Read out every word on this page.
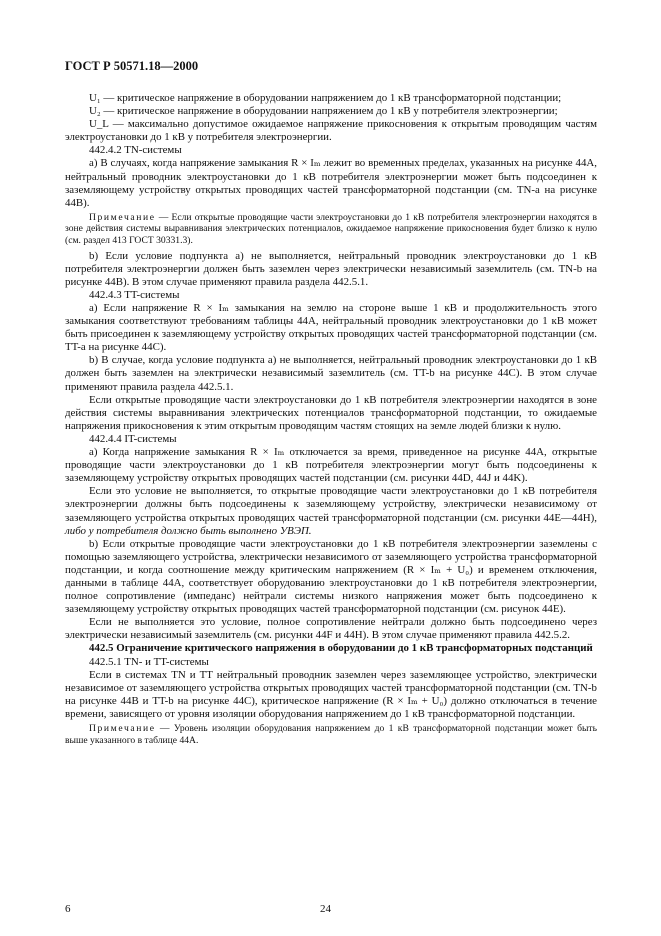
ГОСТ Р 50571.18—2000

U₁ — критическое напряжение в оборудовании напряжением до 1 кВ трансформаторной подстанции;

U₂ — критическое напряжение в оборудовании напряжением до 1 кВ у потребителя электроэнергии;

U_L — максимально допустимое ожидаемое напряжение прикосновения к открытым проводящим частям электроустановки до 1 кВ у потребителя электроэнергии.

442.4.2 TN-системы

а) В случаях, когда напряжение замыкания R × Iₘ лежит во временных пределах, указанных на рисунке 44А, нейтральный проводник электроустановки до 1 кВ потребителя электроэнергии может быть подсоединен к заземляющему устройству открытых проводящих частей трансформаторной подстанции (см. TN-а на рисунке 44В).

Примечание — Если открытые проводящие части электроустановки до 1 кВ потребителя электроэнергии находятся в зоне действия системы выравнивания электрических потенциалов, ожидаемое напряжение прикосновения будет близко к нулю (см. раздел 413 ГОСТ 30331.3).

b) Если условие подпункта а) не выполняется, нейтральный проводник электроустановки до 1 кВ потребителя электроэнергии должен быть заземлен через электрически независимый заземлитель (см. TN-b на рисунке 44В). В этом случае применяют правила раздела 442.5.1.

442.4.3 TT-системы

а) Если напряжение R × Iₘ замыкания на землю на стороне выше 1 кВ и продолжительность этого замыкания соответствуют требованиям таблицы 44А, нейтральный проводник электроустановки до 1 кВ может быть присоединен к заземляющему устройству открытых проводящих частей трансформаторной подстанции (см. TT-а на рисунке 44С).

b) В случае, когда условие подпункта а) не выполняется, нейтральный проводник электроустановки до 1 кВ должен быть заземлен на электрически независимый заземлитель (см. TT-b на рисунке 44С). В этом случае применяют правила раздела 442.5.1.

Если открытые проводящие части электроустановки до 1 кВ потребителя электроэнергии находятся в зоне действия системы выравнивания электрических потенциалов трансформаторной подстанции, то ожидаемые напряжения прикосновения к этим открытым проводящим частям стоящих на земле людей близки к нулю.

442.4.4 IT-системы

а) Когда напряжение замыкания R × Iₘ отключается за время, приведенное на рисунке 44А, открытые проводящие части электроустановки до 1 кВ потребителя электроэнергии могут быть подсоединены к заземляющему устройству открытых проводящих частей подстанции (см. рисунки 44D, 44J и 44K).

Если это условие не выполняется, то открытые проводящие части электроустановки до 1 кВ потребителя электроэнергии должны быть подсоединены к заземляющему устройству, электрически независимому от заземляющего устройства открытых проводящих частей трансформаторной подстанции (см. рисунки 44Е—44Н), либо у потребителя должно быть выполнено УВЭП.

b) Если открытые проводящие части электроустановки до 1 кВ потребителя электроэнергии заземлены с помощью заземляющего устройства, электрически независимого от заземляющего устройства трансформаторной подстанции, и когда соотношение между критическим напряжением (R × Iₘ + U₀) и временем отключения, данными в таблице 44А, соответствует оборудованию электроустановки до 1 кВ потребителя электроэнергии, полное сопротивление (импеданс) нейтрали системы низкого напряжения может быть подсоединено к заземляющему устройству открытых проводящих частей трансформаторной подстанции (см. рисунок 44Е).

Если не выполняется это условие, полное сопротивление нейтрали должно быть подсоединено через электрически независимый заземлитель (см. рисунки 44F и 44Н). В этом случае применяют правила 442.5.2.

442.5 Ограничение критического напряжения в оборудовании до 1 кВ трансформаторных подстанций

442.5.1 TN- и TT-системы

Если в системах TN и TT нейтральный проводник заземлен через заземляющее устройство, электрически независимое от заземляющего устройства открытых проводящих частей трансформаторной подстанции (см. TN-b на рисунке 44В и TT-b на рисунке 44С), критическое напряжение (R × Iₘ + U₀) должно отключаться в течение времени, зависящего от уровня изоляции оборудования напряжением до 1 кВ трансформаторной подстанции.

Примечание — Уровень изоляции оборудования напряжением до 1 кВ трансформаторной подстанции может быть выше указанного в таблице 44А.

6	24
